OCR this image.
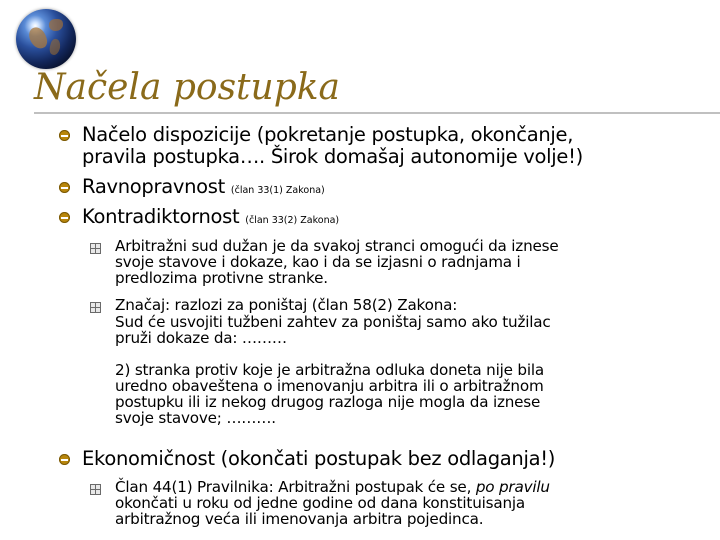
Načela postupka
Načelo dispozicije (pokretanje postupka, okončanje,
pravila postupka…. Širok domašaj autonomije volje!)
Ravnopravnost (član 33(1) Zakona)
Kontradiktornost (član 33(2) Zakona)
Arbitražni sud dužan je da svakoj stranci omogući da iznese
svoje stavove i dokaze, kao i da se izjasni o radnjama i
predlozima protivne stranke.
Značaj: razlozi za poništaj (član 58(2) Zakona:
Sud će usvojiti tužbeni zahtev za poništaj samo ako tužilac
pruži dokaze da: ………
2) stranka protiv koje je arbitražna odluka doneta nije bila
uredno obaveštena o imenovanju arbitra ili o arbitražnom
postupku ili iz nekog drugog razloga nije mogla da iznese
svoje stavove; ……….
Ekonomičnost (okončati postupak bez odlaganja!)
Član 44(1) Pravilnika: Arbitražni postupak će se, po pravilu
okončati u roku od jedne godine od dana konstituisanja
arbitražnog veća ili imenovanja arbitra pojedinca.
